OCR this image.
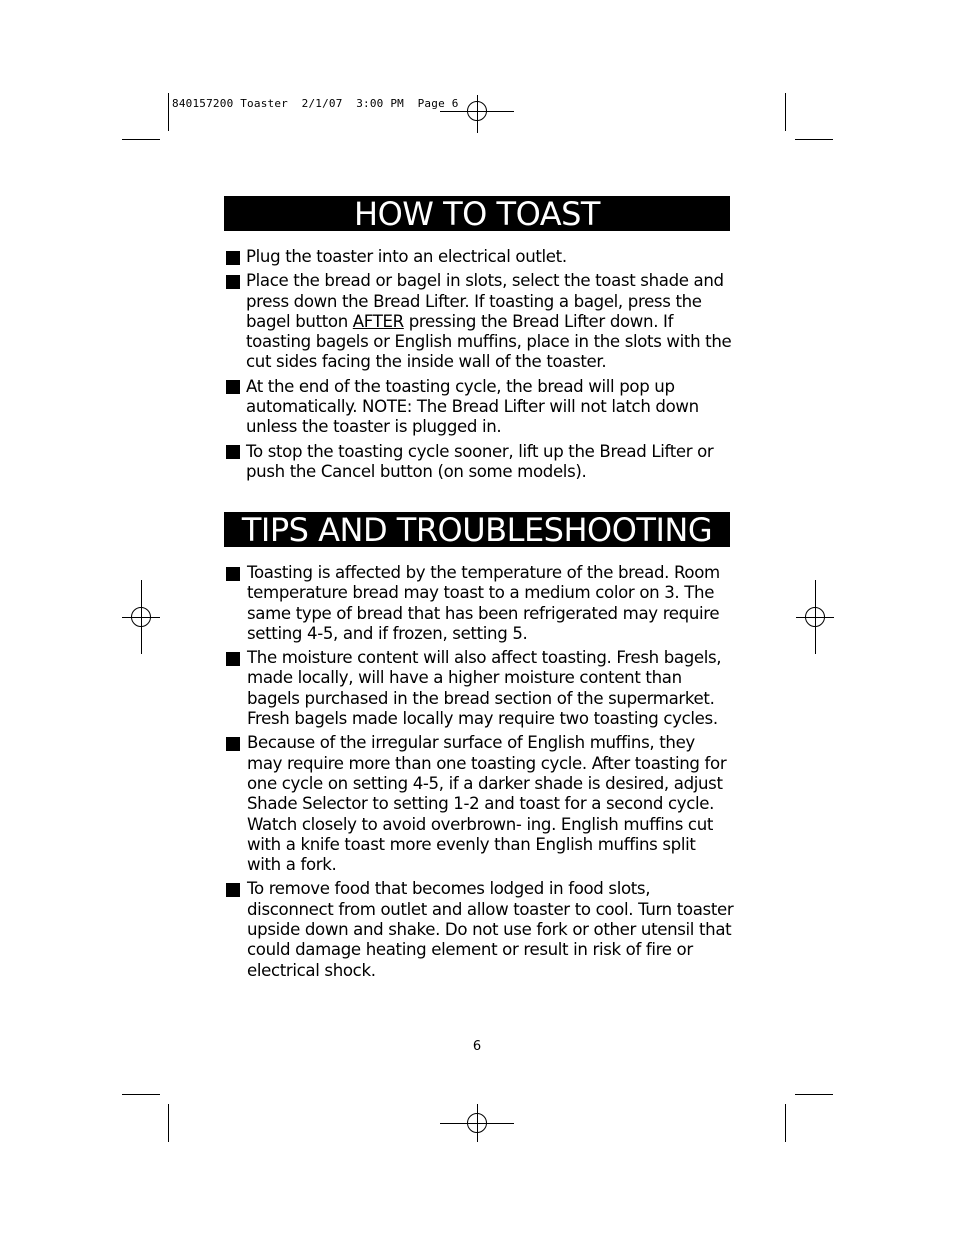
840157200 Toaster  2/1/07  3:00 PM  Page 6
HOW TO TOAST
Plug the toaster into an electrical outlet.
Place the bread or bagel in slots, select the toast shade and press down the Bread Lifter. If toasting a bagel, press the bagel button AFTER pressing the Bread Lifter down. If toasting bagels or English muffins, place in the slots with the cut sides facing the inside wall of the toaster.
At the end of the toasting cycle, the bread will pop up automatically. NOTE: The Bread Lifter will not latch down unless the toaster is plugged in.
To stop the toasting cycle sooner, lift up the Bread Lifter or push the Cancel button (on some models).
TIPS AND TROUBLESHOOTING
Toasting is affected by the temperature of the bread. Room temperature bread may toast to a medium color on 3. The same type of bread that has been refrigerated may require setting 4-5, and if frozen, setting 5.
The moisture content will also affect toasting. Fresh bagels, made locally, will have a higher moisture content than bagels purchased in the bread section of the supermarket. Fresh bagels made locally may require two toasting cycles.
Because of the irregular surface of English muffins, they may require more than one toasting cycle. After toasting for one cycle on setting 4-5, if a darker shade is desired, adjust Shade Selector to setting 1-2 and toast for a second cycle. Watch closely to avoid overbrown- ing. English muffins cut with a knife toast more evenly than English muffins split with a fork.
To remove food that becomes lodged in food slots, disconnect from outlet and allow toaster to cool. Turn toaster upside down and shake. Do not use fork or other utensil that could damage heating element or result in risk of fire or electrical shock.
6
